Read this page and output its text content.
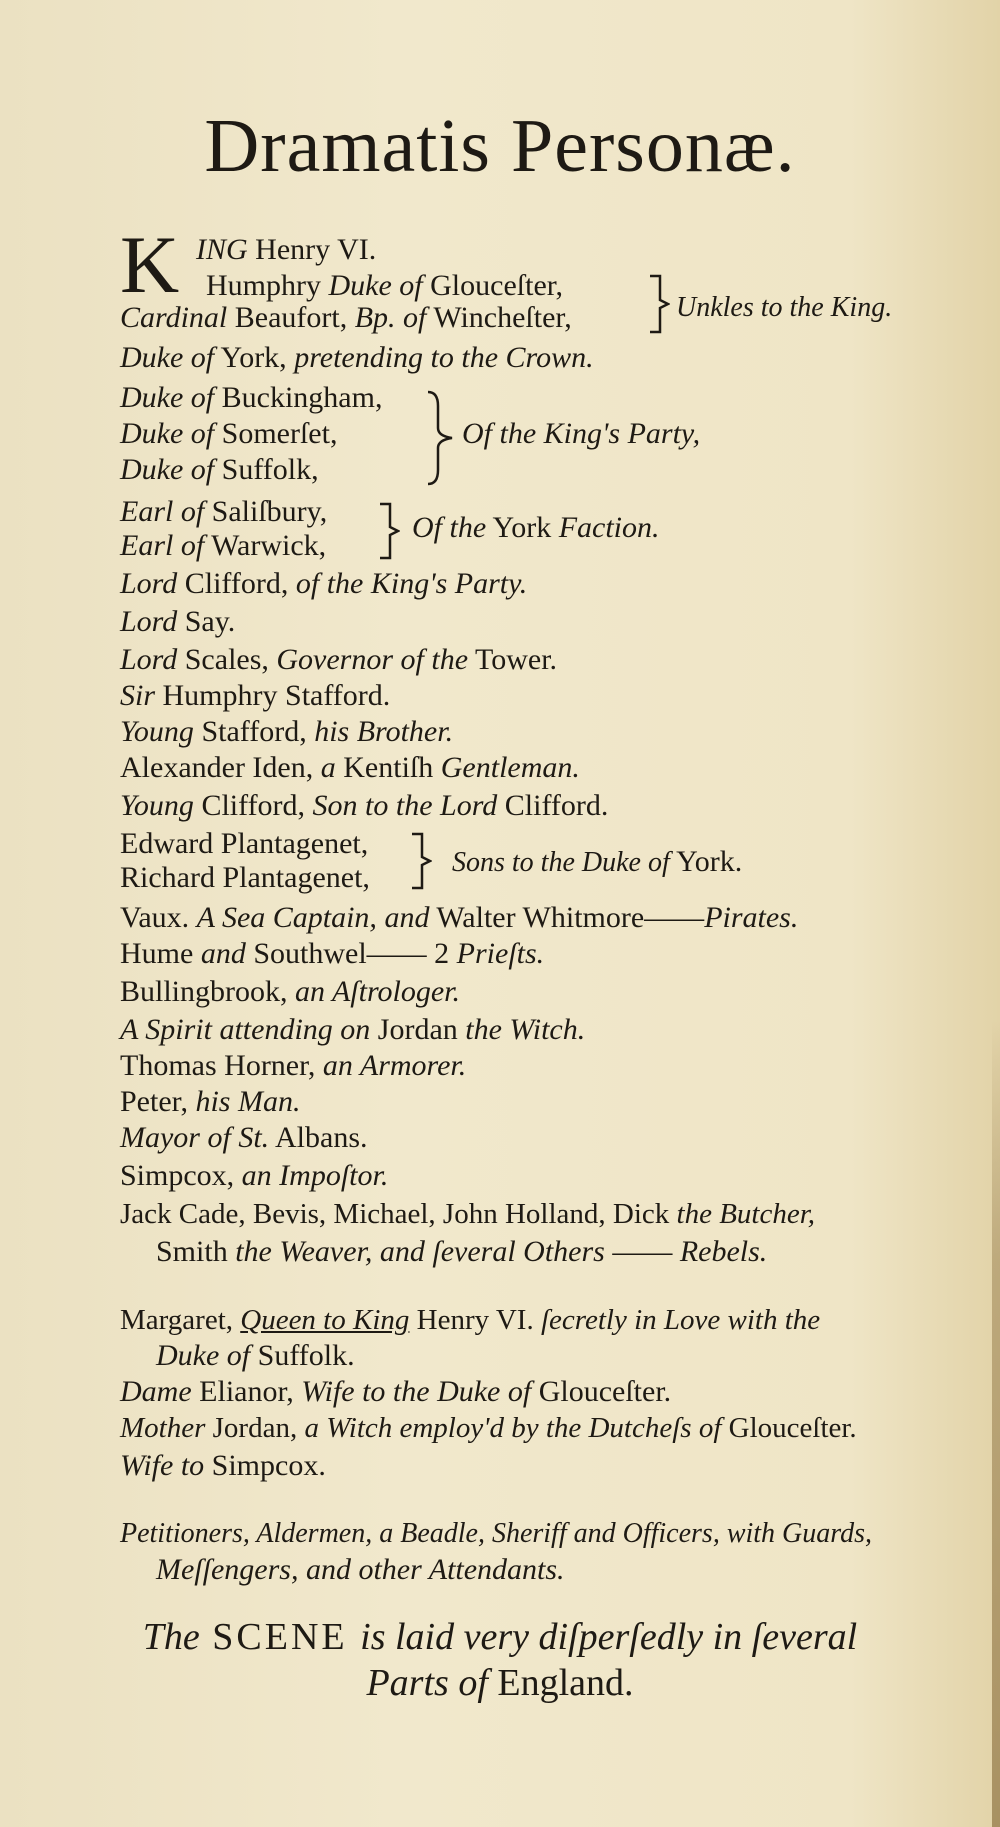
Dramatis Personæ.
K ING Henry VI.
Humphry Duke of Glouceſter,
Cardinal Beaufort, Bp. of Wincheſter,	Unkles to the King.
Duke of York, pretending to the Crown.
Duke of Buckingham,
Duke of Somerſet,
Duke of Suffolk,
Of the King's Party,
Earl of Saliſbury,
Earl of Warwick,
Of the York Faction.
Lord Clifford, of the King's Party.
Lord Say.
Lord Scales, Governor of the Tower.
Sir Humphry Stafford.
Young Stafford, his Brother.
Alexander Iden, a Kentiſh Gentleman.
Young Clifford, Son to the Lord Clifford.
Edward Plantagenet,
Richard Plantagenet,	Sons to the Duke of York.
Vaux. A Sea Captain, and Walter Whitmore——Pirates.
Hume and Southwel—— 2 Prieſts.
Bullingbrook, an Aſtrologer.
A Spirit attending on Jordan the Witch.
Thomas Horner, an Armorer.
Peter, his Man.
Mayor of St. Albans.
Simpcox, an Impoſtor.
Jack Cade, Bevis, Michael, John Holland, Dick the Butcher,
Smith the Weaver, and ſeveral Others —— Rebels.
Margaret, Queen to King Henry VI. ſecretly in Love with the
Duke of Suffolk.
Dame Elianor, Wife to the Duke of Glouceſter.
Mother Jordan, a Witch employ'd by the Dutcheſs of Glouceſter.
Wife to Simpcox.
Petitioners, Aldermen, a Beadle, Sheriff and Officers, with Guards,
Meſſengers, and other Attendants.
The SCENE is laid very diſperſedly in ſeveral
Parts of England.
